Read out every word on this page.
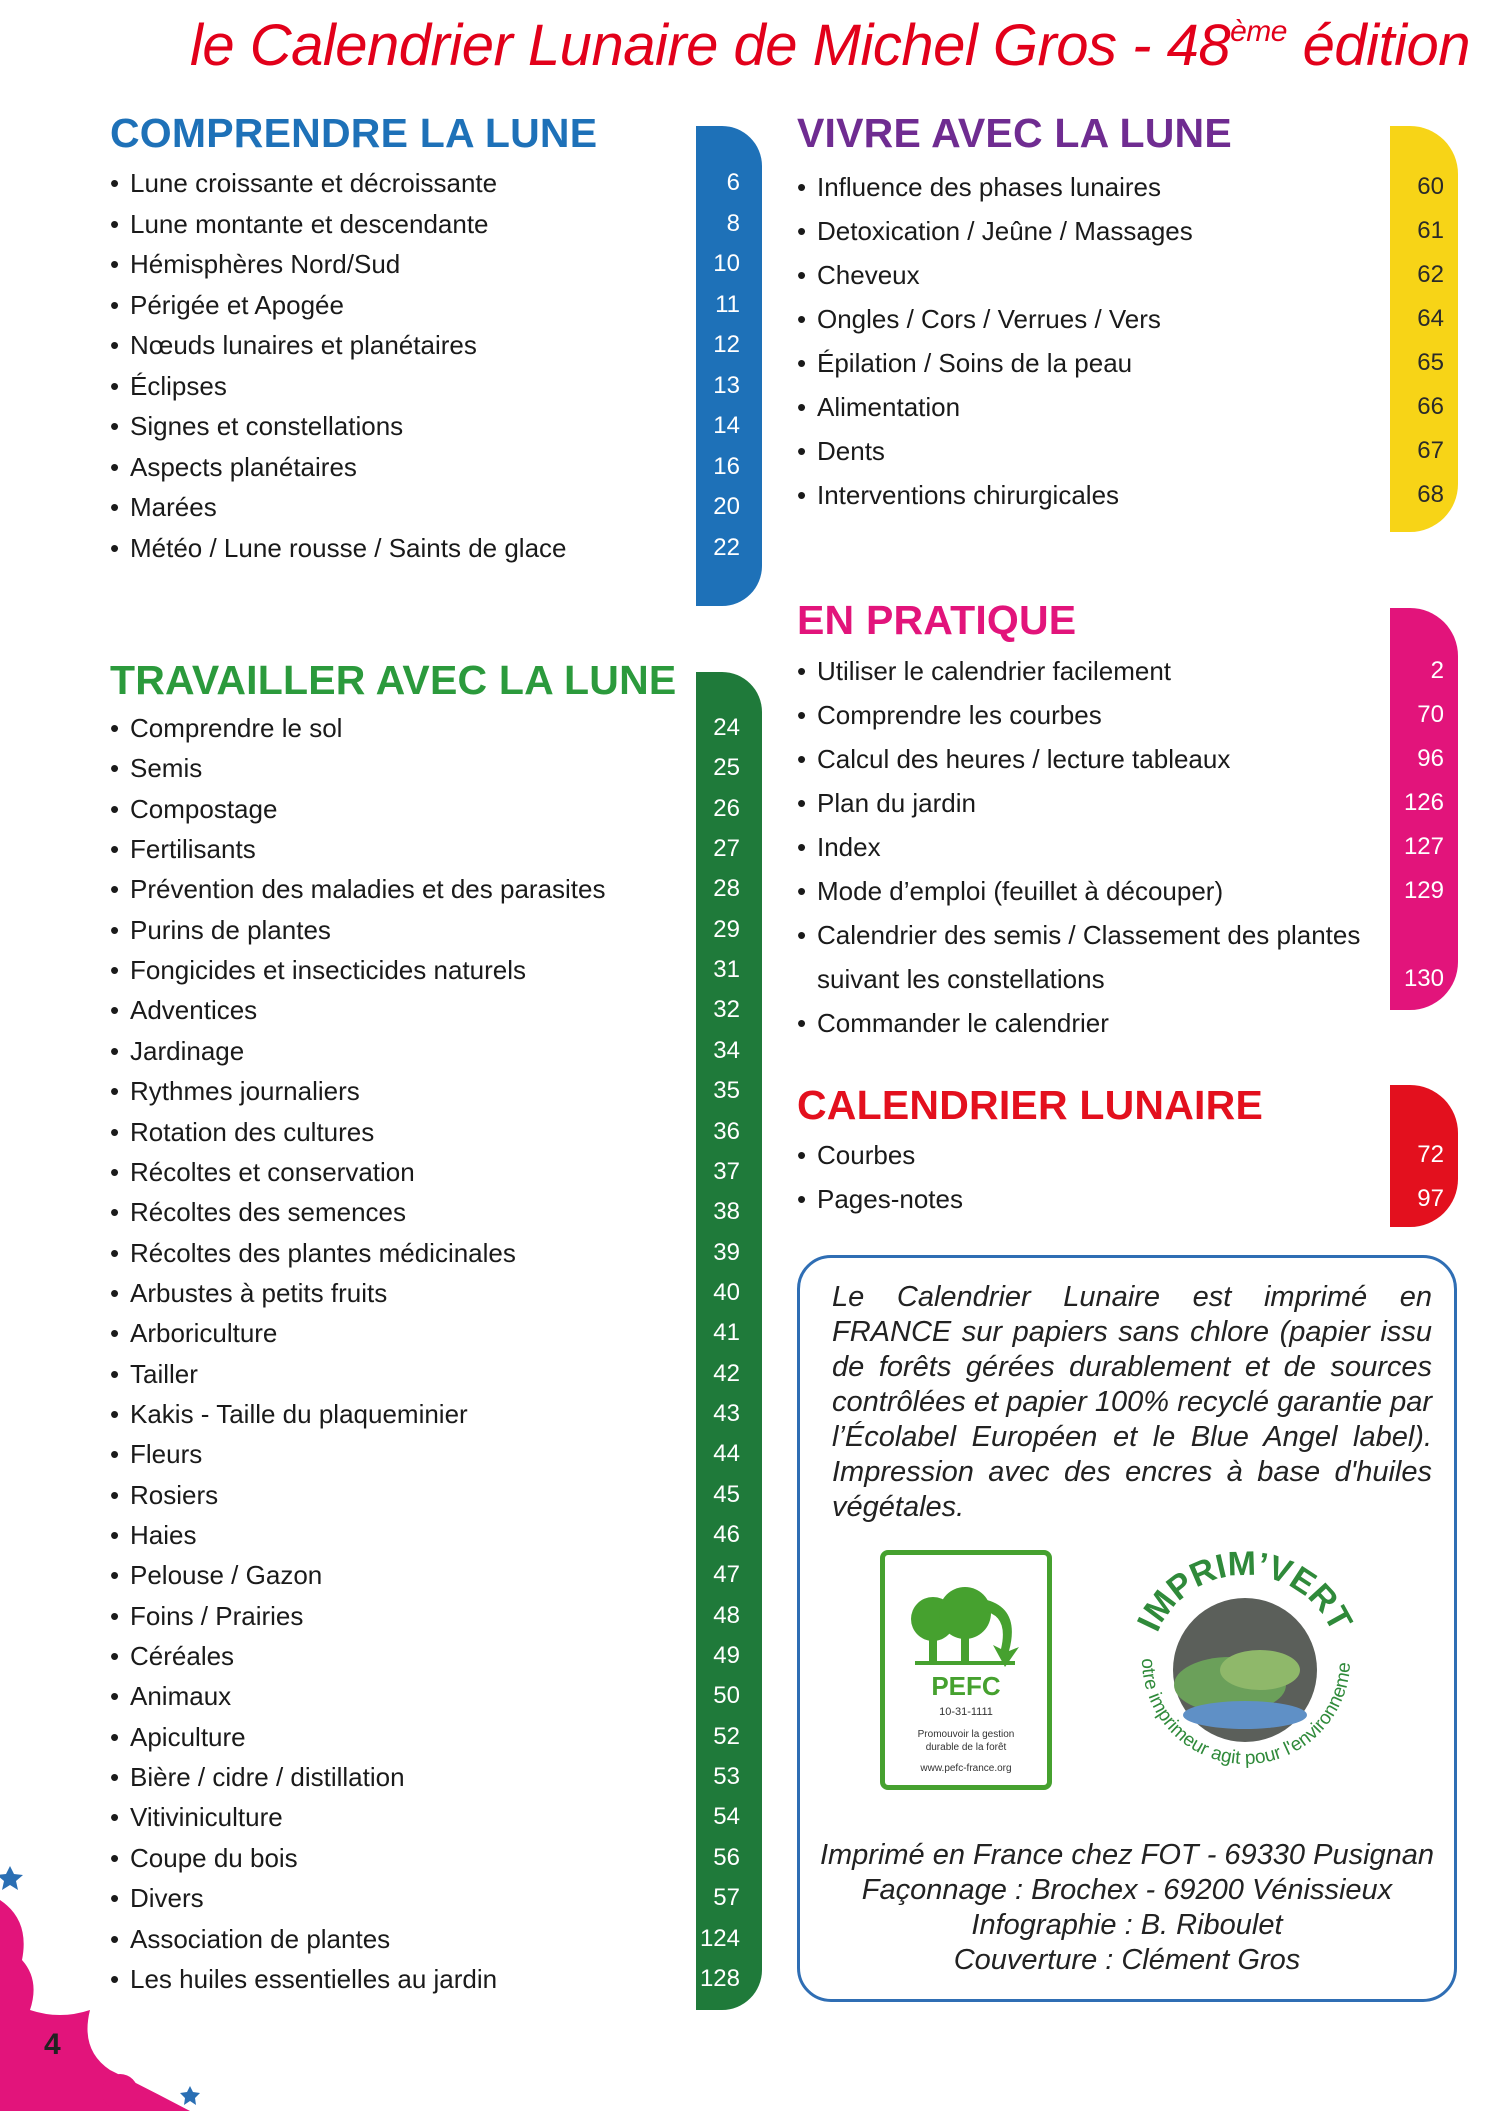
le Calendrier Lunaire de Michel Gros - 48ème édition
COMPRENDRE LA LUNE
TRAVAILLER AVEC LA LUNE
VIVRE AVEC LA LUNE
EN PRATIQUE
CALENDRIER LUNAIRE
• Lune croissante et décroissante	6
• Lune montante et descendante	8
• Hémisphères Nord/Sud	10
• Périgée et Apogée	11
• Nœuds lunaires et planétaires	12
• Éclipses	13
• Signes et constellations	14
• Aspects planétaires	16
• Marées	20
• Météo / Lune rousse / Saints de glace	22
• Comprendre le sol	24
• Semis	25
• Compostage	26
• Fertilisants	27
• Prévention des maladies et des parasites	28
• Purins de plantes	29
• Fongicides et insecticides naturels	31
• Adventices	32
• Jardinage	34
• Rythmes journaliers	35
• Rotation des cultures	36
• Récoltes et conservation	37
• Récoltes des semences	38
• Récoltes des plantes médicinales	39
• Arbustes à petits fruits	40
• Arboriculture	41
• Tailler	42
• Kakis - Taille du plaqueminier	43
• Fleurs	44
• Rosiers	45
• Haies	46
• Pelouse / Gazon	47
• Foins / Prairies	48
• Céréales	49
• Animaux	50
• Apiculture	52
• Bière / cidre / distillation	53
• Vitiviniculture	54
• Coupe du bois	56
• Divers	57
• Association de plantes	124
• Les huiles essentielles au jardin	128
• Influence des phases lunaires	60
• Detoxication / Jeûne / Massages	61
• Cheveux	62
• Ongles / Cors / Verrues / Vers	64
• Épilation / Soins de la peau	65
• Alimentation	66
• Dents	67
• Interventions chirurgicales	68
• Utiliser le calendrier facilement	2
• Comprendre les courbes	70
• Calcul des heures / lecture tableaux	96
• Plan du jardin	126
• Index	127
• Mode d’emploi (feuillet à découper)	129
• Calendrier des semis / Classement des plantes
suivant les constellations	130
• Commander le calendrier
• Courbes	72
• Pages-notes	97
Le Calendrier Lunaire est imprimé en FRANCE sur papiers sans chlore (papier issu de forêts gérées durablement et de sources contrôlées et papier 100% recyclé garantie par l’Écolabel Européen et le Blue Angel label). Impression avec des encres à base d'huiles végétales.
PEFC
10-31-1111
Promouvoir la gestion
durable de la forêt
www.pefc-france.org
IMPRIM’VERT
otre imprimeur agit pour l'environneme
Imprimé en France chez FOT - 69330 Pusignan
Façonnage : Brochex - 69200 Vénissieux
Infographie : B. Riboulet
Couverture : Clément Gros
4
